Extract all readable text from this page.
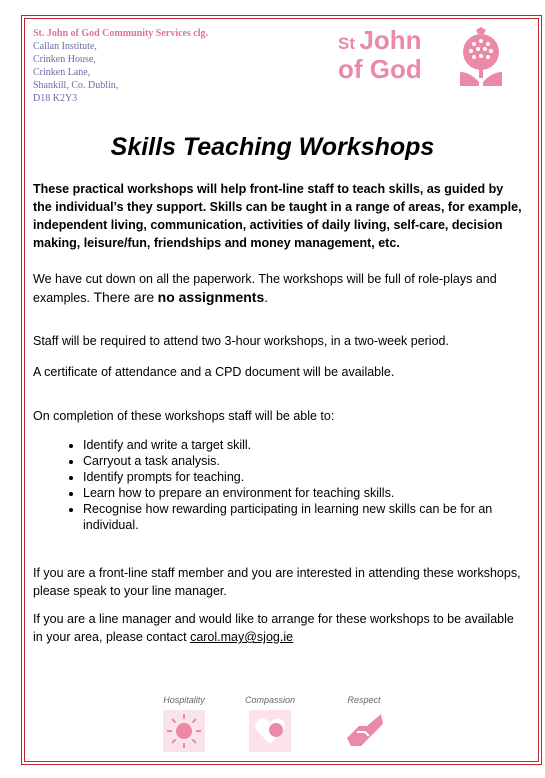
St. John of God Community Services clg.
Callan Institute,
Crinken House,
Crinken Lane,
Shankill, Co. Dublin,
D18 K2Y3
St John
of God
Skills Teaching Workshops
These practical workshops will help front-line staff to teach skills, as guided by the individual’s they support. Skills can be taught in a range of areas, for example, independent living, communication, activities of daily living, self-care, decision making, leisure/fun, friendships and money management, etc.
We have cut down on all the paperwork. The workshops will be full of role-plays and examples. There are no assignments.
Staff will be required to attend two 3-hour workshops, in a two-week period.
A certificate of attendance and a CPD document will be available.
On completion of these workshops staff will be able to:
• Identify and write a target skill.
• Carryout a task analysis.
• Identify prompts for teaching.
• Learn how to prepare an environment for teaching skills.
• Recognise how rewarding participating in learning new skills can be for an individual.
If you are a front-line staff member and you are interested in attending these workshops, please speak to your line manager.
If you are a line manager and would like to arrange for these workshops to be available in your area, please contact carol.may@sjog.ie
Hospitality	Compassion	Respect
